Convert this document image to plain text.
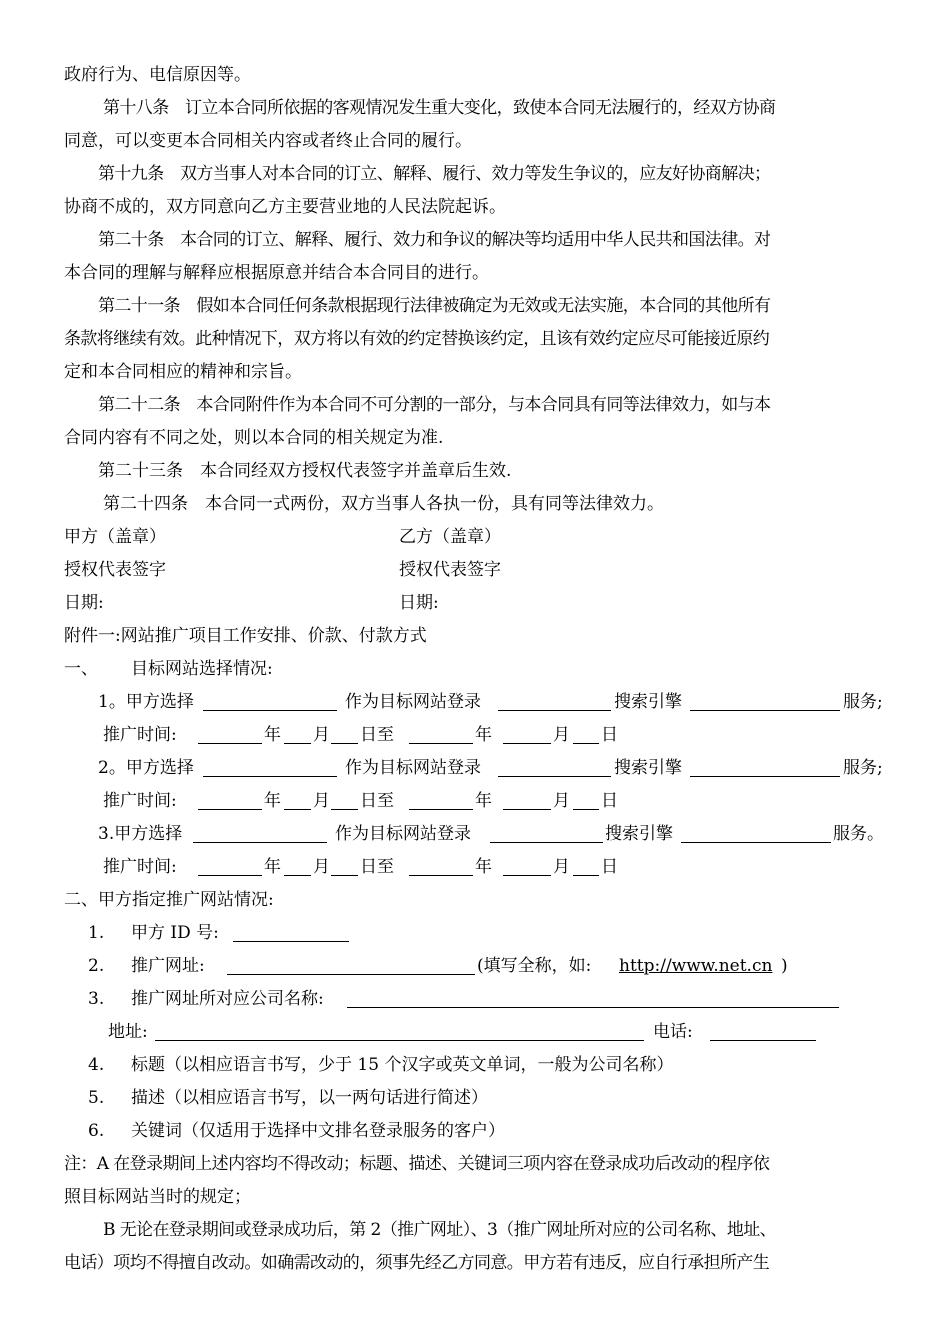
政府行为、电信原因等。
第十八条　订立本合同所依据的客观情况发生重大变化，致使本合同无法履行的，经双方协商
同意，可以变更本合同相关内容或者终止合同的履行。
第十九条　双方当事人对本合同的订立、解释、履行、效力等发生争议的，应友好协商解决；
协商不成的，双方同意向乙方主要营业地的人民法院起诉。
第二十条　本合同的订立、解释、履行、效力和争议的解决等均适用中华人民共和国法律。对
本合同的理解与解释应根据原意并结合本合同目的进行。
第二十一条　假如本合同任何条款根据现行法律被确定为无效或无法实施，本合同的其他所有
条款将继续有效。此种情况下，双方将以有效的约定替换该约定，且该有效约定应尽可能接近原约
定和本合同相应的精神和宗旨。
第二十二条　本合同附件作为本合同不可分割的一部分，与本合同具有同等法律效力，如与本
合同内容有不同之处，则以本合同的相关规定为准.
第二十三条　本合同经双方授权代表签字并盖章后生效.
第二十四条　本合同一式两份，双方当事人各执一份，具有同等法律效力。
甲方（盖章）	乙方（盖章）
授权代表签字	授权代表签字
日期:	日期:
附件一:网站推广项目工作安排、价款、付款方式
一、 目标网站选择情况:
1。甲方选择	作为目标网站登录	搜索引擎	服务;
推广时间:	年 月 日至	年	月 日
2。甲方选择	作为目标网站登录	搜索引擎	服务;
推广时间:	年 月 日至	年	月 日
3.甲方选择	作为目标网站登录	搜索引擎	服务。
推广时间:	年 月 日至	年	月 日
二、甲方指定推广网站情况:
1. 甲方 ID 号:
2. 推广网址:	(填写全称，如: http://www.net.cn )
3. 推广网址所对应公司名称:
地址:	电话:
4. 标题（以相应语言书写，少于 15 个汉字或英文单词，一般为公司名称）
5. 描述（以相应语言书写，以一两句话进行简述）
6. 关键词（仅适用于选择中文排名登录服务的客户）
注：A 在登录期间上述内容均不得改动；标题、描述、关键词三项内容在登录成功后改动的程序依
照目标网站当时的规定；
B 无论在登录期间或登录成功后，第 2（推广网址）、3（推广网址所对应的公司名称、地址、
电话）项均不得擅自改动。如确需改动的，须事先经乙方同意。甲方若有违反，应自行承担所产生
